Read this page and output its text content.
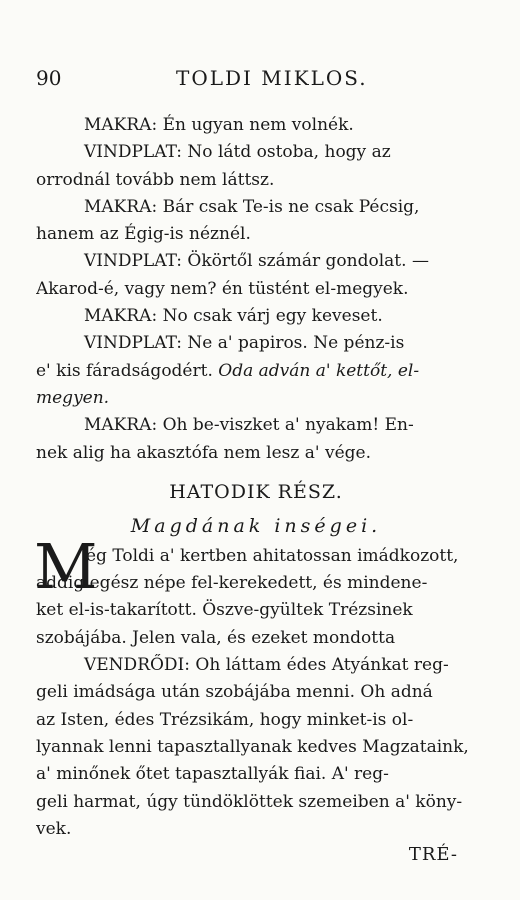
90	TOLDI MIKLOS.
MAKRA: Én ugyan nem volnék.
VINDPLAT: No látd ostoba, hogy az
orrodnál tovább nem láttsz.
MAKRA: Bár csak Te-is ne csak Pécsig,
hanem az Égig-is néznél.
VINDPLAT: Ökörtől számár gondolat. —
Akarod-é, vagy nem? én tüstént el-megyek.
MAKRA: No csak várj egy keveset.
VINDPLAT: Ne a' papiros. Ne pénz-is
e' kis fáradságodért. Oda adván a' kettőt, el-
megyen.
MAKRA: Oh be-viszket a' nyakam! En-
nek alig ha akasztófa nem lesz a' vége.
HATODIK RÉSZ.
Magdának inségei.
M
ég Toldi a' kertben ahitatossan imádkozott,
addig egész népe fel-kerekedett, és mindene-
ket el-is-takarított. Öszve-gyültek Trézsinek
szobájába. Jelen vala, és ezeket mondotta
VENDRŐDI: Oh láttam édes Atyánkat reg-
geli imádsága után szobájába menni. Oh adná
az Isten, édes Trézsikám, hogy minket-is ol-
lyannak lenni tapasztallyanak kedves Magzataink,
a' minőnek őtet tapasztallyák fiai. A' reg-
geli harmat, úgy tündöklöttek szemeiben a' köny-
vek.
TRÉ-
